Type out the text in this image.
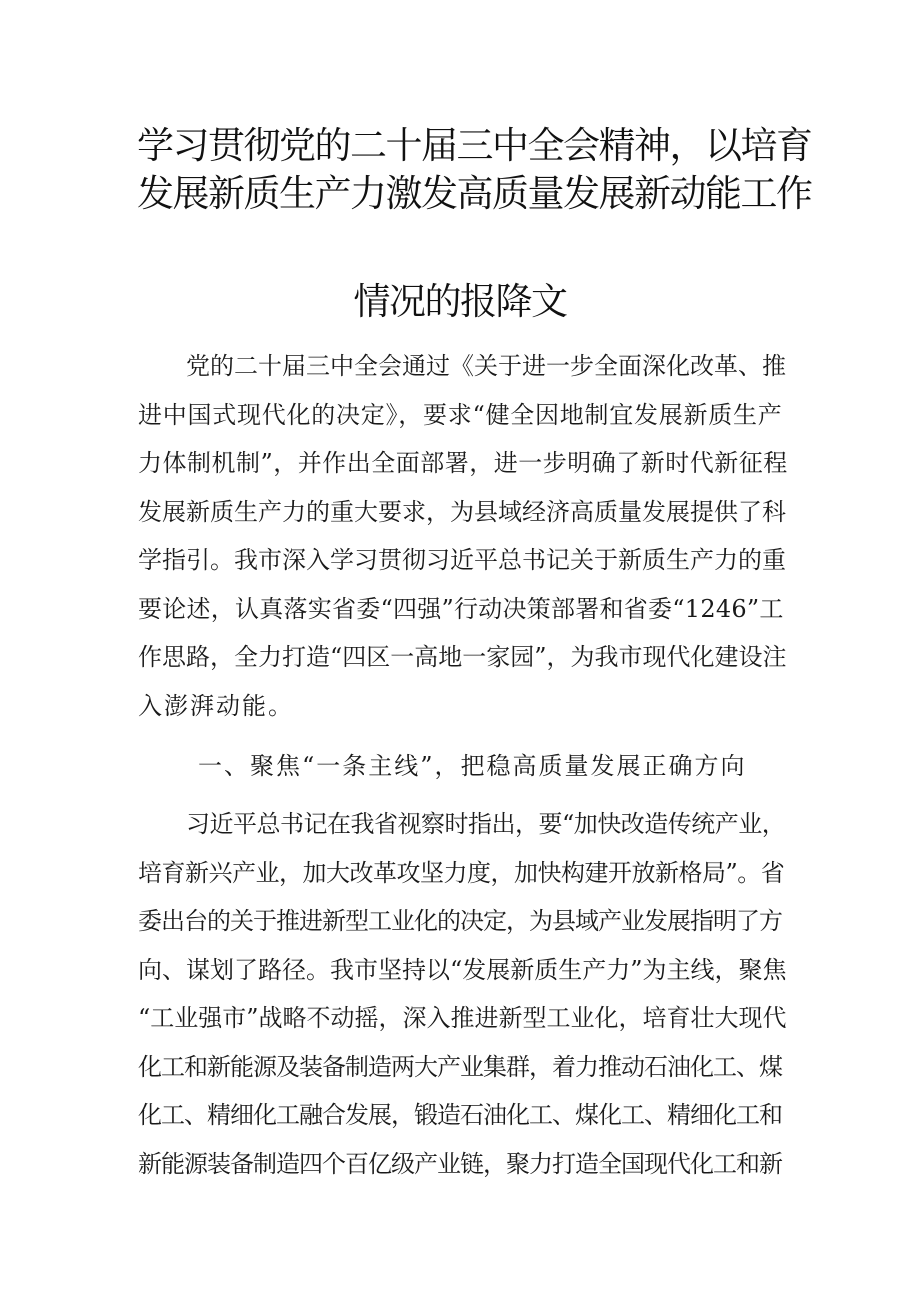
学习贯彻党的二十届三中全会精神，以培育
发展新质生产力激发高质量发展新动能工作
情况的报降文
党的二十届三中全会通过《关于进一步全面深化改革、推
进中国式现代化的决定》，要求“健全因地制宜发展新质生产
力体制机制”，并作出全面部署，进一步明确了新时代新征程
发展新质生产力的重大要求，为县域经济高质量发展提供了科
学指引。我市深入学习贯彻习近平总书记关于新质生产力的重
要论述，认真落实省委“四强”行动决策部署和省委“1246”工
作思路，全力打造“四区一高地一家园”，为我市现代化建设注
入澎湃动能。
一、聚焦“一条主线”，把稳高质量发展正确方向
习近平总书记在我省视察时指出，要“加快改造传统产业，
培育新兴产业，加大改革攻坚力度，加快构建开放新格局”。省
委出台的关于推进新型工业化的决定，为县域产业发展指明了方
向、谋划了路径。我市坚持以“发展新质生产力”为主线，聚焦
“工业强市”战略不动摇，深入推进新型工业化，培育壮大现代
化工和新能源及装备制造两大产业集群，着力推动石油化工、煤
化工、精细化工融合发展，锻造石油化工、煤化工、精细化工和
新能源装备制造四个百亿级产业链，聚力打造全国现代化工和新
